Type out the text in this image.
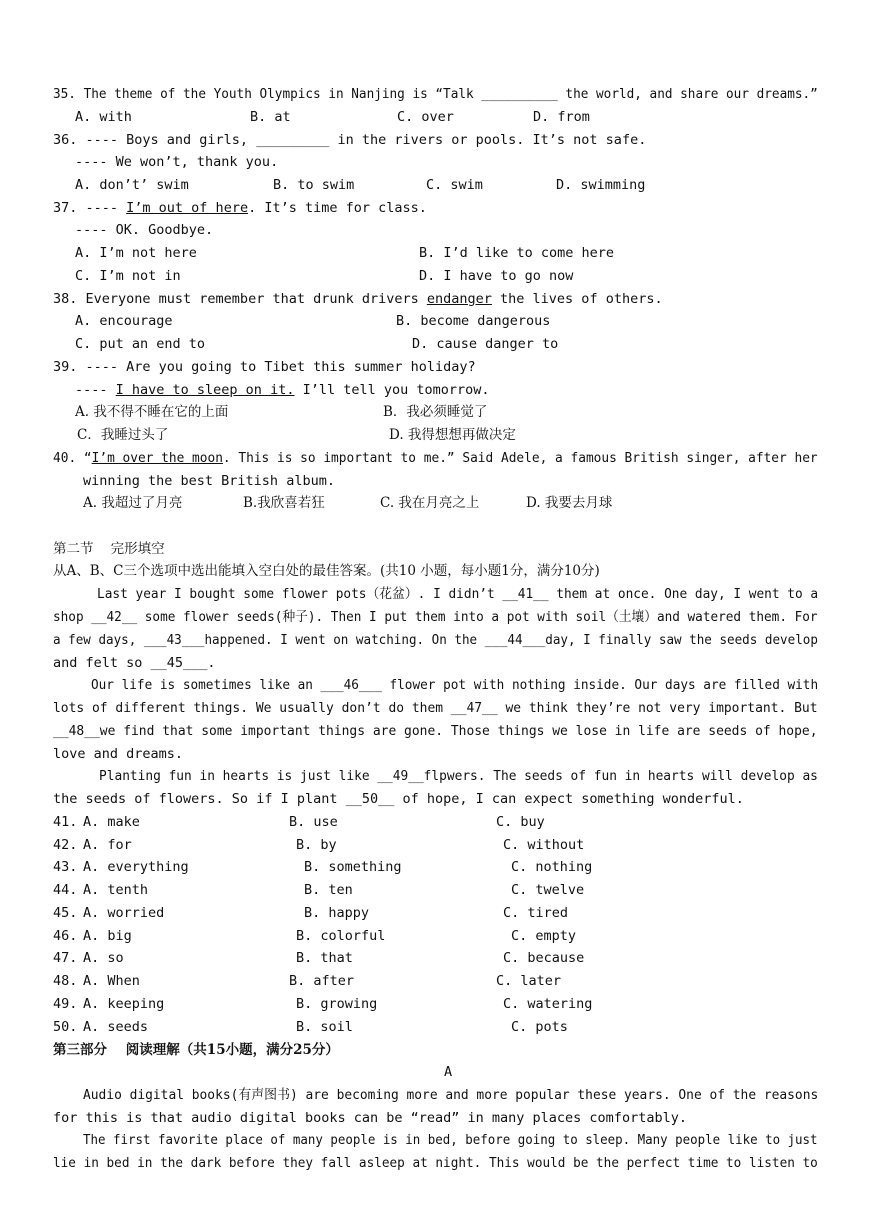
35. The theme of the Youth Olympics in Nanjing is “Talk __________ the world, and share our dreams.”
A. with	B. at	C. over	D. from
36. ---- Boys and girls, _________ in the rivers or pools. It’s not safe.
---- We won’t, thank you.
A. don’t’ swim	B. to swim	C. swim	D. swimming
37. ---- I’m out of here. It’s time for class.
---- OK. Goodbye.
A. I’m not here	B. I’d like to come here
C. I’m not in	D. I have to go now
38. Everyone must remember that drunk drivers endanger the lives of others.
A. encourage	B. become dangerous
C. put an end to	D. cause danger to
39. ---- Are you going to Tibet this summer holiday?
---- I have to sleep on it. I’ll tell you tomorrow.
A. 我不得不睡在它的上面	B．我必须睡觉了
C．我睡过头了	D. 我得想想再做决定
40. “I’m over the moon. This is so important to me.” Said Adele, a famous British singer, after her
winning the best British album.
A. 我超过了月亮	B.我欣喜若狂	C. 我在月亮之上	D. 我要去月球
第二节    完形填空
从A、B、C三个选项中选出能填入空白处的最佳答案。(共10 小题，每小题1分，满分10分)
Last year I bought some flower pots（花盆）. I didn’t __41__ them at once. One day, I went to a
shop __42__ some flower seeds(种子). Then I put them into a pot with soil（土壤）and watered them. For
a few days, ___43___happened. I went on watching. On the ___44___day, I finally saw the seeds develop
and felt so __45___.
Our life is sometimes like an ___46___ flower pot with nothing inside. Our days are filled with
lots of different things. We usually don’t do them __47__ we think they’re not very important. But
__48__we find that some important things are gone. Those things we lose in life are seeds of hope,
love and dreams.
Planting fun in hearts is just like __49__flpwers. The seeds of fun in hearts will develop as
the seeds of flowers. So if I plant __50__ of hope, I can expect something wonderful.
41. A. make	B. use	C. buy
42. A. for	B. by	C. without
43. A. everything	B. something	C. nothing
44. A. tenth	B. ten	C. twelve
45. A. worried	B. happy	C. tired
46. A. big	B. colorful	C. empty
47. A. so	B. that	C. because
48. A. When	B. after	C. later
49. A. keeping	B. growing	C. watering
50. A. seeds	B. soil	C. pots
第三部分    阅读理解（共15小题，满分25分）
A
Audio digital books(有声图书) are becoming more and more popular these years. One of the reasons
for this is that audio digital books can be “read” in many places comfortably.
The first favorite place of many people is in bed, before going to sleep. Many people like to just
lie in bed in the dark before they fall asleep at night. This would be the perfect time to listen to
